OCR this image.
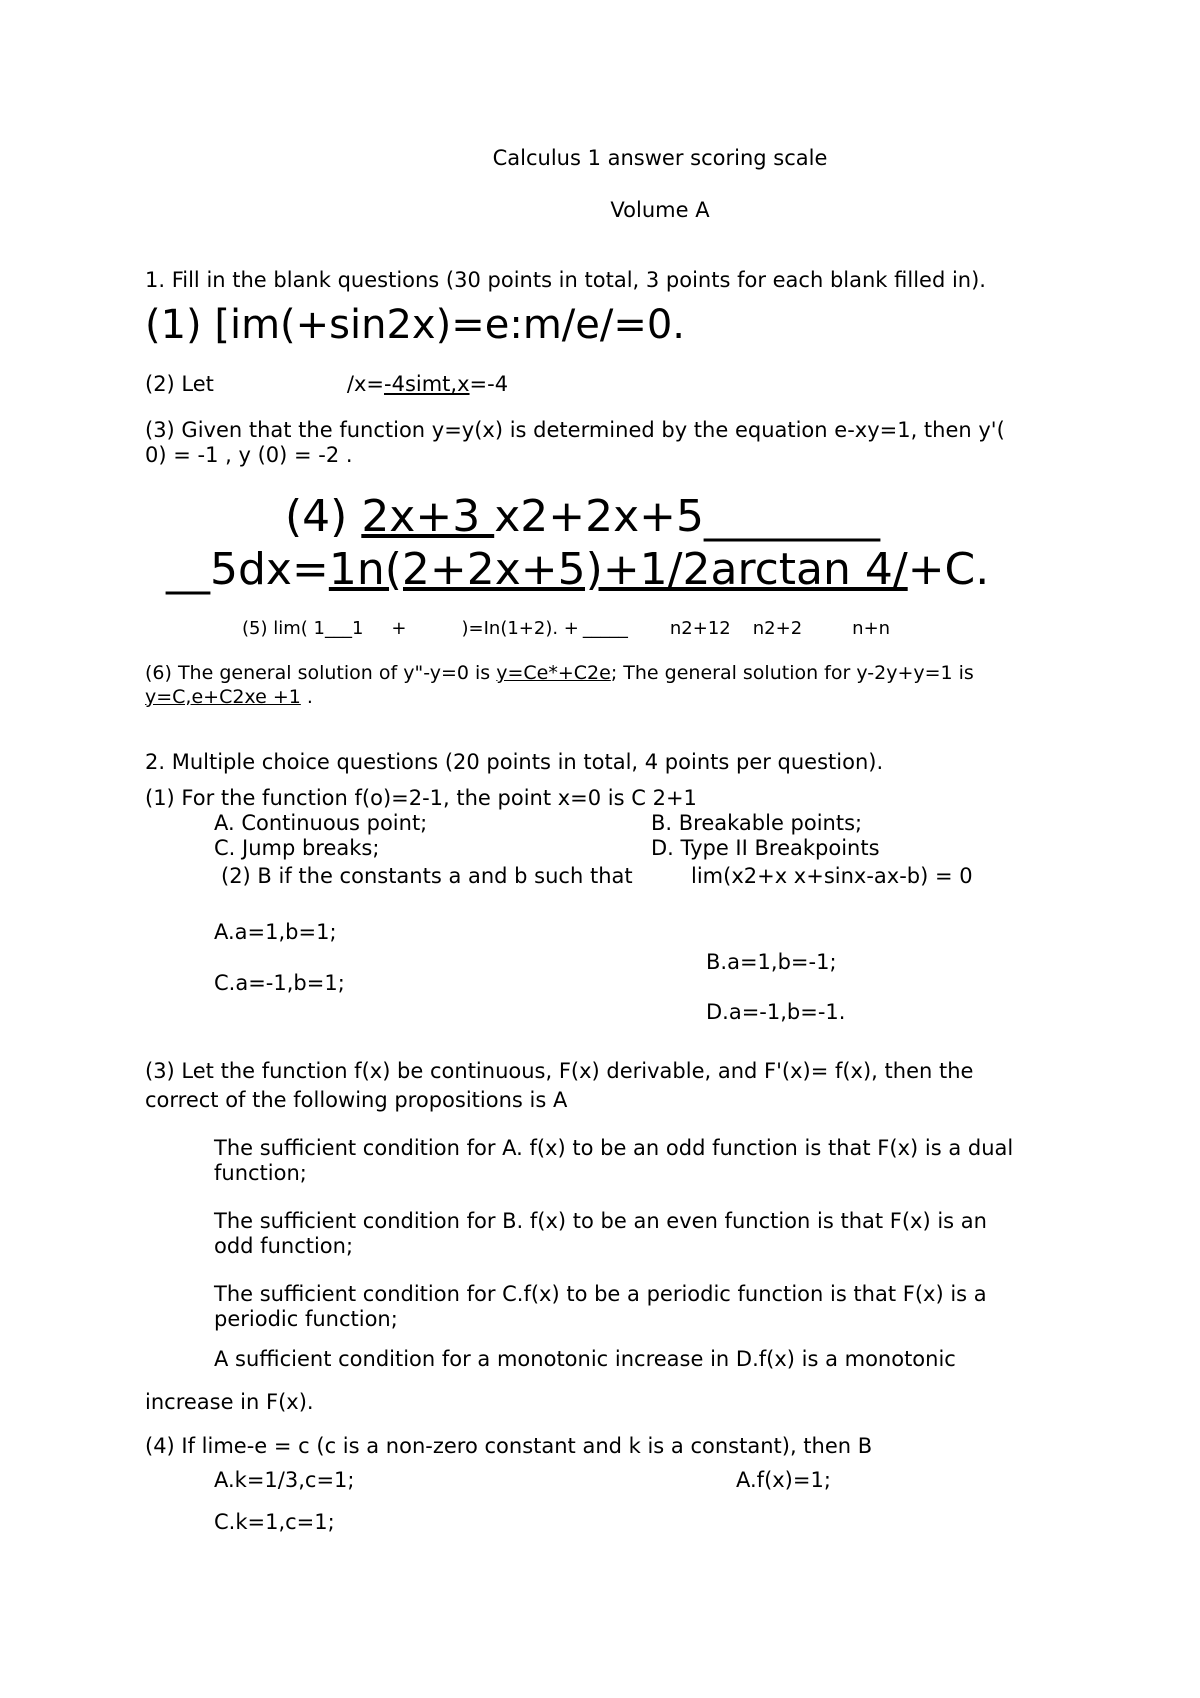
Calculus 1 answer scoring scale
Volume A
1. Fill in the blank questions (30 points in total, 3 points for each blank filled in).
(1) [im(+sin2x)=e:m/e/=0.
(2) Let	/x=-4simt,x=-4
(3) Given that the function y=y(x) is determined by the equation e-xy=1, then y'(
0) = -1 , y (0) = -2 .
(4) 2x+3 x2+2x+5________
__5dx=1n(2+2x+5)+1/2arctan 4/+C.
(5) lim( 1___1 +	)=In(1+2). + _____ n2+12 n2+2	n+n
(6) The general solution of y"-y=0 is y=Ce*+C2e; The general solution for y-2y+y=1 is
y=C,e+C2xe +1 .
2. Multiple choice questions (20 points in total, 4 points per question).
(1) For the function f(o)=2-1, the point x=0 is C 2+1
A. Continuous point;	B. Breakable points;
C. Jump breaks;	D. Type II Breakpoints
(2) B if the constants a and b such that	lim(x2+x x+sinx-ax-b) = 0
A.a=1,b=1;
B.a=1,b=-1;
C.a=-1,b=1;
D.a=-1,b=-1.
(3) Let the function f(x) be continuous, F(x) derivable, and F'(x)= f(x), then the
correct of the following propositions is A
The sufficient condition for A. f(x) to be an odd function is that F(x) is a dual
function;
The sufficient condition for B. f(x) to be an even function is that F(x) is an
odd function;
The sufficient condition for C.f(x) to be a periodic function is that F(x) is a
periodic function;
A sufficient condition for a monotonic increase in D.f(x) is a monotonic
increase in F(x).
(4) If lime-e = c (c is a non-zero constant and k is a constant), then B
A.k=1/3,c=1;	A.f(x)=1;
C.k=1,c=1;
